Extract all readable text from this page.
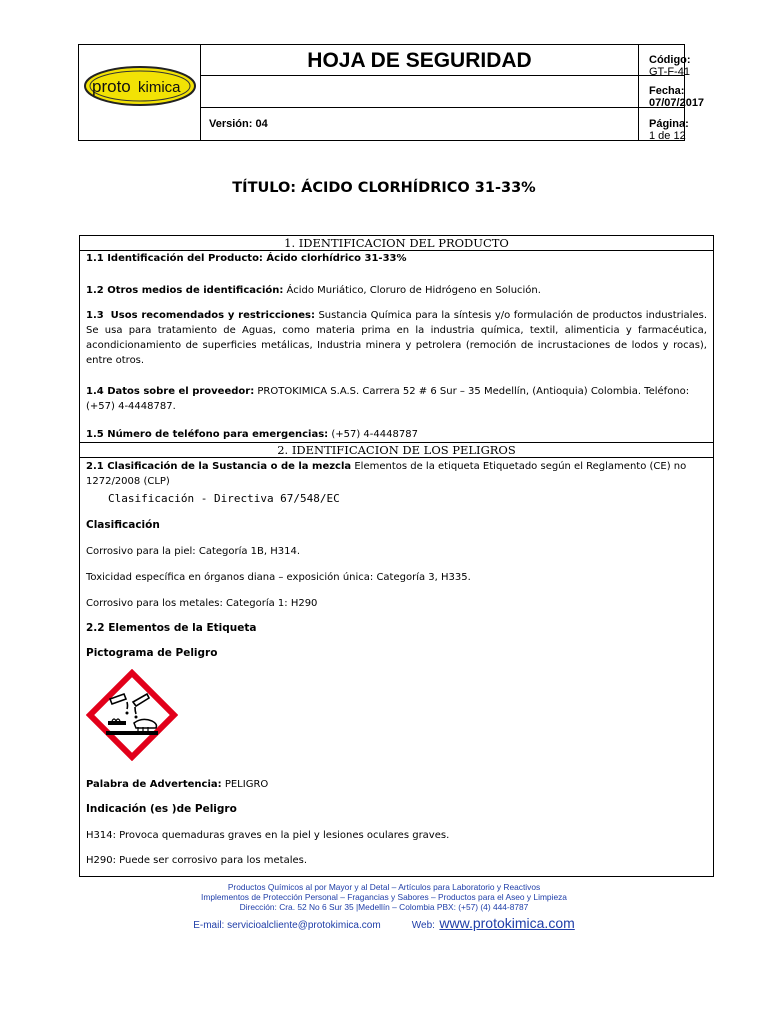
proto kimica
HOJA DE SEGURIDAD
Versión: 04
Código: GT-F-41
Fecha: 07/07/2017
Página: 1 de 12
TÍTULO: ÁCIDO CLORHÍDRICO 31-33%
1. IDENTIFICACION DEL PRODUCTO
1.1 Identificación del Producto: Ácido clorhídrico 31-33%
1.2 Otros medios de identificación: Ácido Muriático, Cloruro de Hidrógeno en Solución.
1.3 Usos recomendados y restricciones: Sustancia Química para la síntesis y/o formulación de productos industriales. Se usa para tratamiento de Aguas, como materia prima en la industria química, textil, alimenticia y farmacéutica, acondicionamiento de superficies metálicas, Industria minera y petrolera (remoción de incrustaciones de lodos y rocas), entre otros.
1.4 Datos sobre el proveedor: PROTOKIMICA S.A.S. Carrera 52 # 6 Sur – 35 Medellín, (Antioquia) Colombia. Teléfono: (+57) 4-4448787.
1.5 Número de teléfono para emergencias: (+57) 4-4448787
2. IDENTIFICACION DE LOS PELIGROS
2.1 Clasificación de la Sustancia o de la mezcla Elementos de la etiqueta Etiquetado según el Reglamento (CE) no 1272/2008 (CLP)
Clasificación - Directiva 67/548/EC
Clasificación
Corrosivo para la piel: Categoría 1B, H314.
Toxicidad específica en órganos diana – exposición única: Categoría 3, H335.
Corrosivo para los metales: Categoría 1: H290
2.2 Elementos de la Etiqueta
Pictograma de Peligro
Palabra de Advertencia: PELIGRO
Indicación (es )de Peligro
H314: Provoca quemaduras graves en la piel y lesiones oculares graves.
H290: Puede ser corrosivo para los metales.
Productos Químicos al por Mayor y al Detal – Artículos para Laboratorio y Reactivos
Implementos de Protección Personal – Fragancias y Sabores – Productos para el Aseo y Limpieza
Dirección: Cra. 52 No 6 Sur 35 |Medellín – Colombia PBX: (+57) (4) 444-8787
E-mail: servicioalcliente@protokimica.com	Web: www.protokimica.com
